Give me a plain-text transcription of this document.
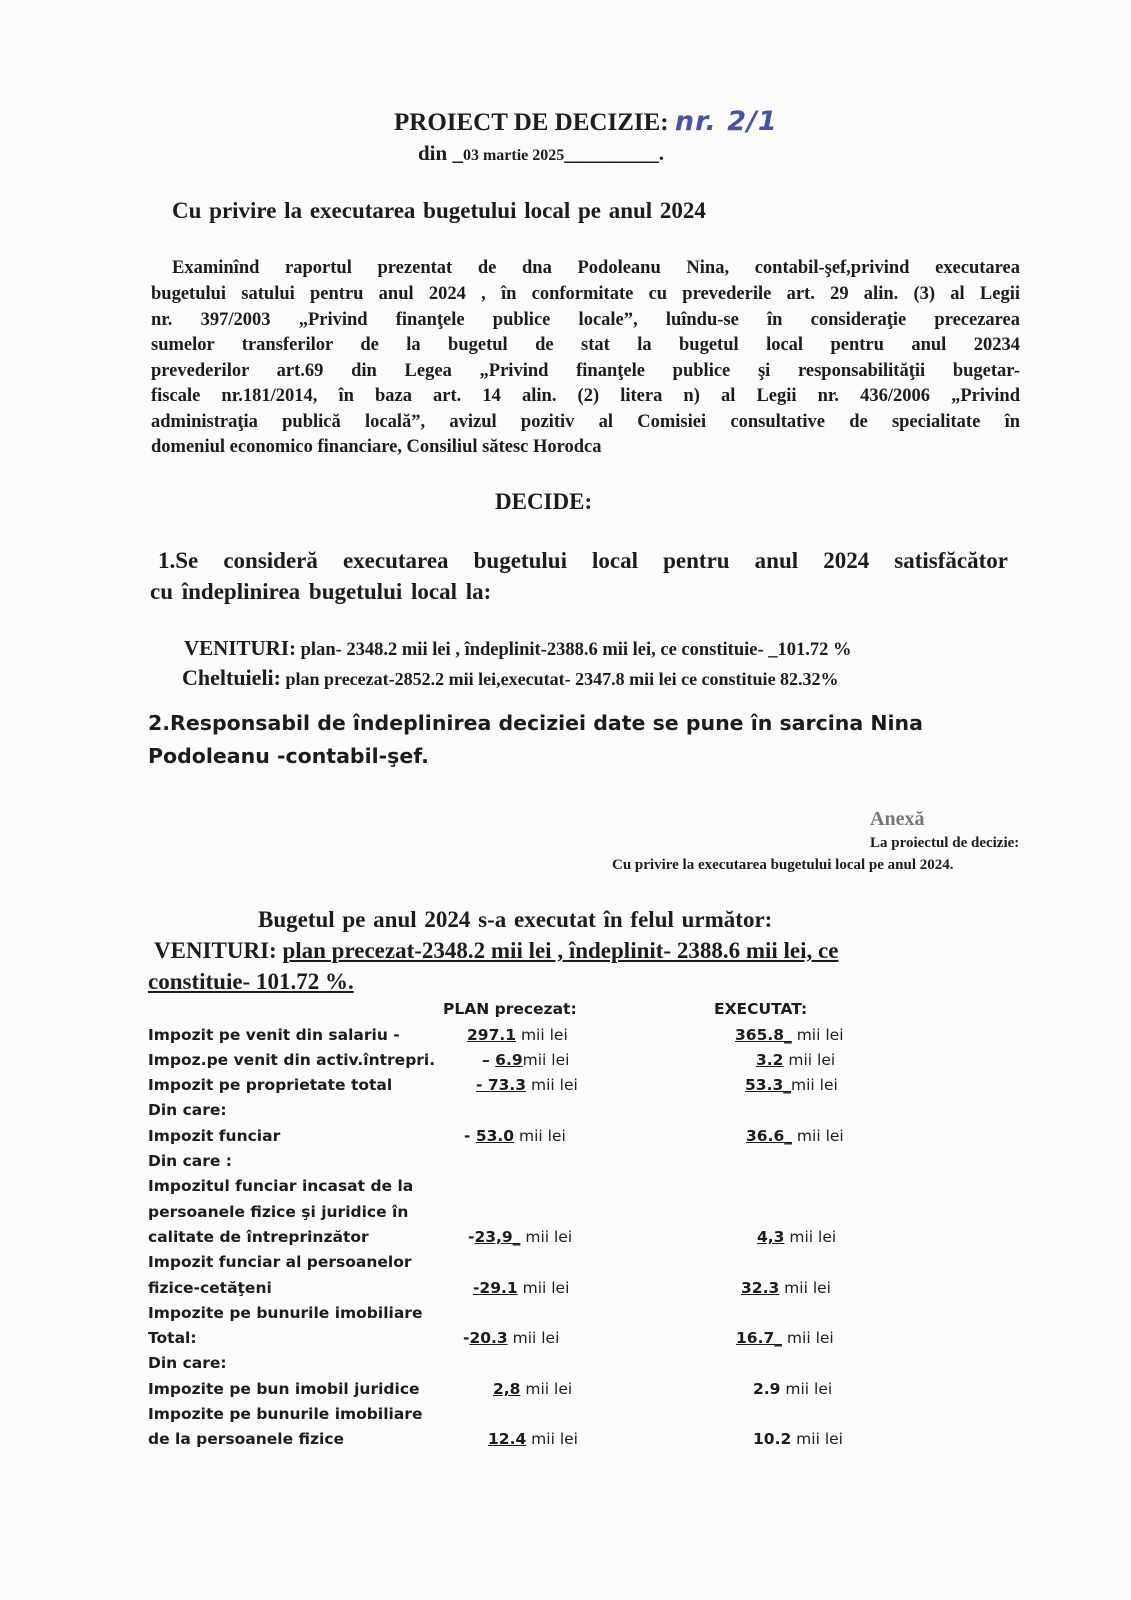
PROIECT DE DECIZIE: nr. 2/1
din _03 martie 2025_________.
Cu privire la executarea bugetului local pe anul 2024
Examinînd raportul prezentat de dna Podoleanu Nina, contabil-şef,privind executarea
bugetului satului pentru anul 2024 , în conformitate cu prevederile art. 29 alin. (3) al Legii
nr. 397/2003 „Privind finanţele publice locale”, luîndu-se în consideraţie precezarea
sumelor transferilor de la bugetul de stat la bugetul local pentru anul 20234
prevederilor art.69 din Legea „Privind finanţele publice şi responsabilităţii bugetar-
fiscale nr.181/2014, în baza art. 14 alin. (2) litera n) al Legii nr. 436/2006 „Privind
administraţia publică locală”, avizul pozitiv al Comisiei consultative de specialitate în
domeniul economico financiare, Consiliul sătesc Horodca
DECIDE:
1.Se consideră executarea bugetului local pentru anul 2024 satisfăcător
cu îndeplinirea bugetului local la:
VENITURI: plan- 2348.2 mii lei , îndeplinit-2388.6 mii lei, ce constituie- _101.72 %
Cheltuieli: plan precezat-2852.2 mii lei,executat- 2347.8 mii lei ce constituie 82.32%
2.Responsabil de îndeplinirea deciziei date se pune în sarcina Nina
Podoleanu -contabil-şef.
Anexă
La proiectul de decizie:
Cu privire la executarea bugetului local pe anul 2024.
Bugetul pe anul 2024 s-a executat în felul următor:
VENITURI: plan precezat-2348.2 mii lei , îndeplinit- 2388.6 mii lei, ce
constituie- 101.72 %.
PLAN precezat:	EXECUTAT:
Impozit pe venit din salariu -	297.1 mii lei	365.8_ mii lei
Impoz.pe venit din activ.întrepri.	– 6.9mii lei	3.2 mii lei
Impozit pe proprietate total	- 73.3 mii lei	53.3_mii lei
Din care:
Impozit funciar	- 53.0 mii lei	36.6_ mii lei
Din care :
Impozitul funciar incasat de la
persoanele fizice şi juridice în
calitate de întreprinzător	-23,9_ mii lei	4,3 mii lei
Impozit funciar al persoanelor
fizice-cetăţeni	-29.1 mii lei	32.3 mii lei
Impozite pe bunurile imobiliare
Total:	-20.3 mii lei	16.7_ mii lei
Din care:
Impozite pe bun imobil juridice	2,8 mii lei	2.9 mii lei
Impozite pe bunurile imobiliare
de la persoanele fizice	12.4 mii lei	10.2 mii lei
